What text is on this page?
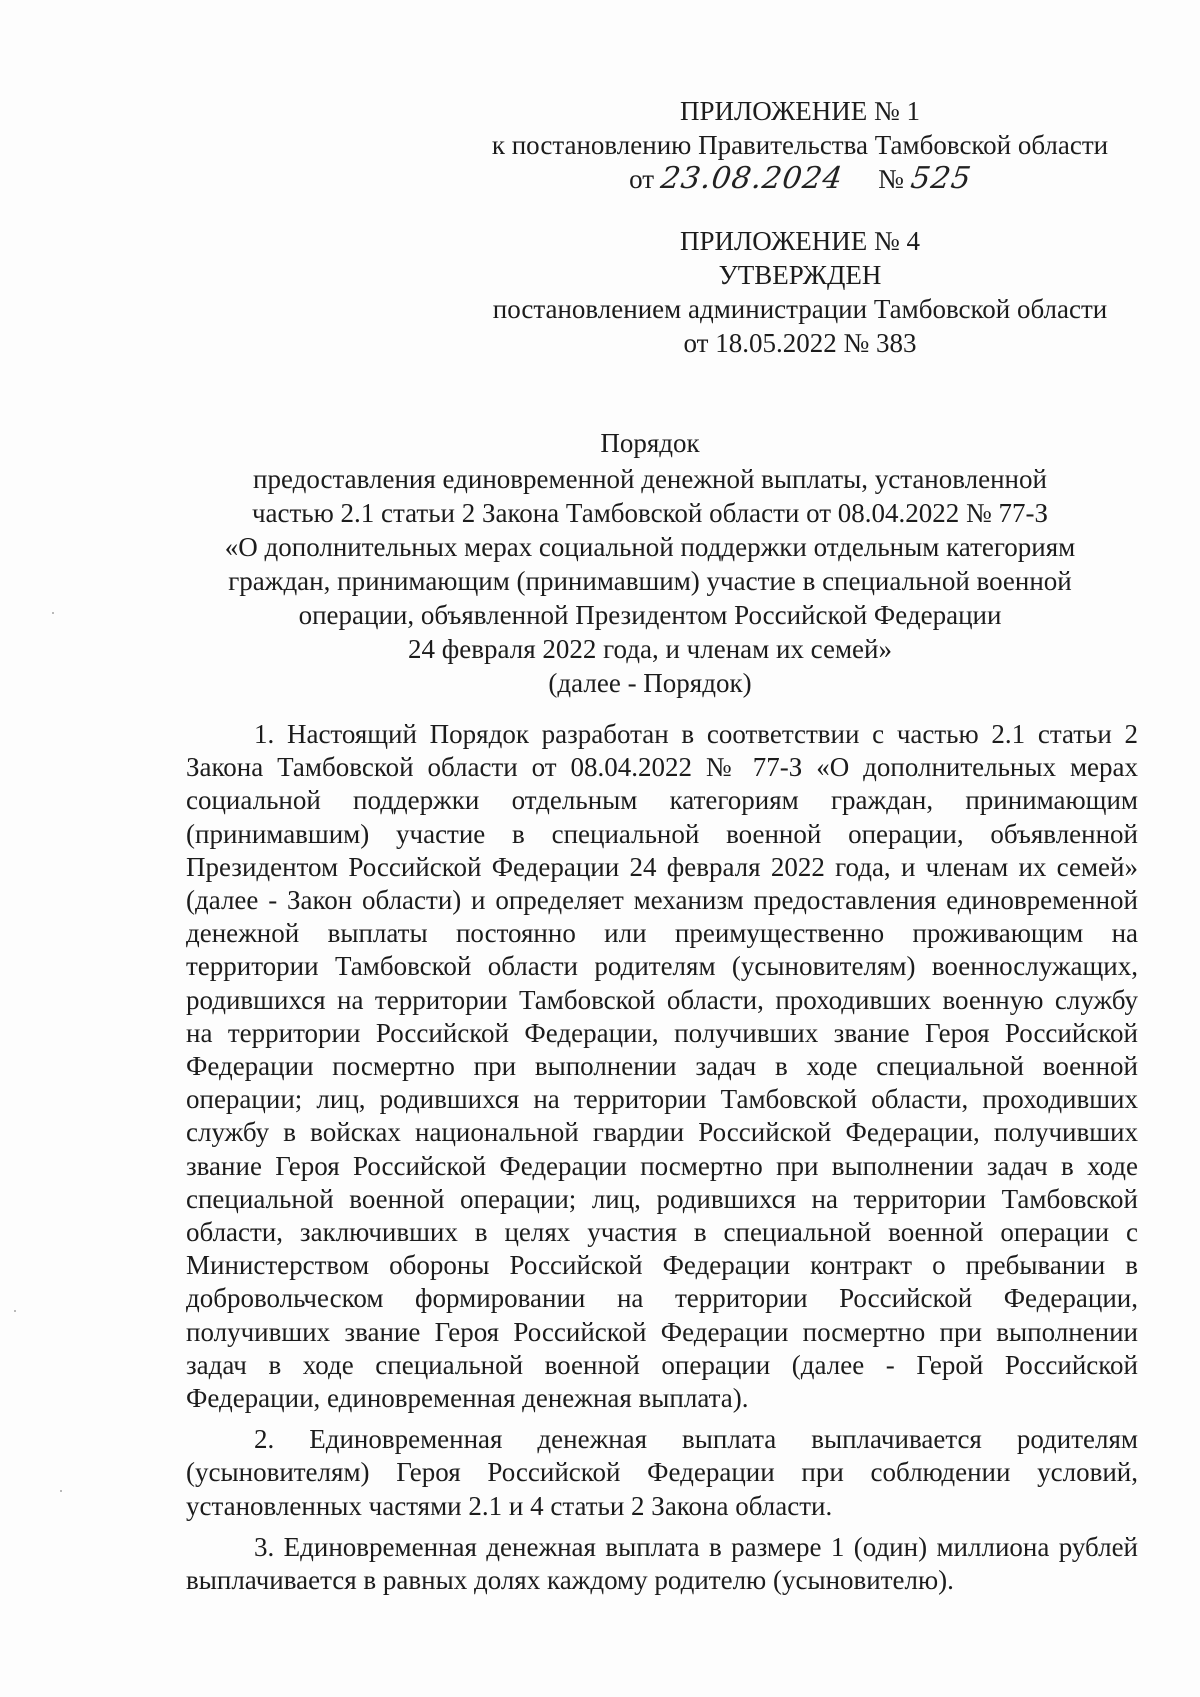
ПРИЛОЖЕНИЕ № 1
к постановлению Правительства Тамбовской области
от 23.08.2024 № 525
ПРИЛОЖЕНИЕ № 4
УТВЕРЖДЕН
постановлением администрации Тамбовской области
от 18.05.2022 № 383
Порядок
предоставления единовременной денежной выплаты, установленной
частью 2.1 статьи 2 Закона Тамбовской области от 08.04.2022 № 77-З
«О дополнительных мерах социальной поддержки отдельным категориям
граждан, принимающим (принимавшим) участие в специальной военной
операции, объявленной Президентом Российской Федерации
24 февраля 2022 года, и членам их семей»
(далее - Порядок)

1. Настоящий Порядок разработан в соответствии с частью 2.1 статьи 2 Закона Тамбовской области от 08.04.2022 № 77-З «О дополнительных мерах социальной поддержки отдельным категориям граждан, принимающим (принимавшим) участие в специальной военной операции, объявленной Президентом Российской Федерации 24 февраля 2022 года, и членам их семей» (далее - Закон области) и определяет механизм предоставления единовременной денежной выплаты постоянно или преимущественно проживающим на территории Тамбовской области родителям (усыновителям) военнослужащих, родившихся на территории Тамбовской области, проходивших военную службу на территории Российской Федерации, получивших звание Героя Российской Федерации посмертно при выполнении задач в ходе специальной военной операции; лиц, родившихся на территории Тамбовской области, проходивших службу в войсках национальной гвардии Российской Федерации, получивших звание Героя Российской Федерации посмертно при выполнении задач в ходе специальной военной операции; лиц, родившихся на территории Тамбовской области, заключивших в целях участия в специальной военной операции с Министерством обороны Российской Федерации контракт о пребывании в добровольческом формировании на территории Российской Федерации, получивших звание Героя Российской Федерации посмертно при выполнении задач в ходе специальной военной операции (далее - Герой Российской Федерации, единовременная денежная выплата).

2. Единовременная денежная выплата выплачивается родителям (усыновителям) Героя Российской Федерации при соблюдении условий, установленных частями 2.1 и 4 статьи 2 Закона области.

3. Единовременная денежная выплата в размере 1 (один) миллиона рублей выплачивается в равных долях каждому родителю (усыновителю).
